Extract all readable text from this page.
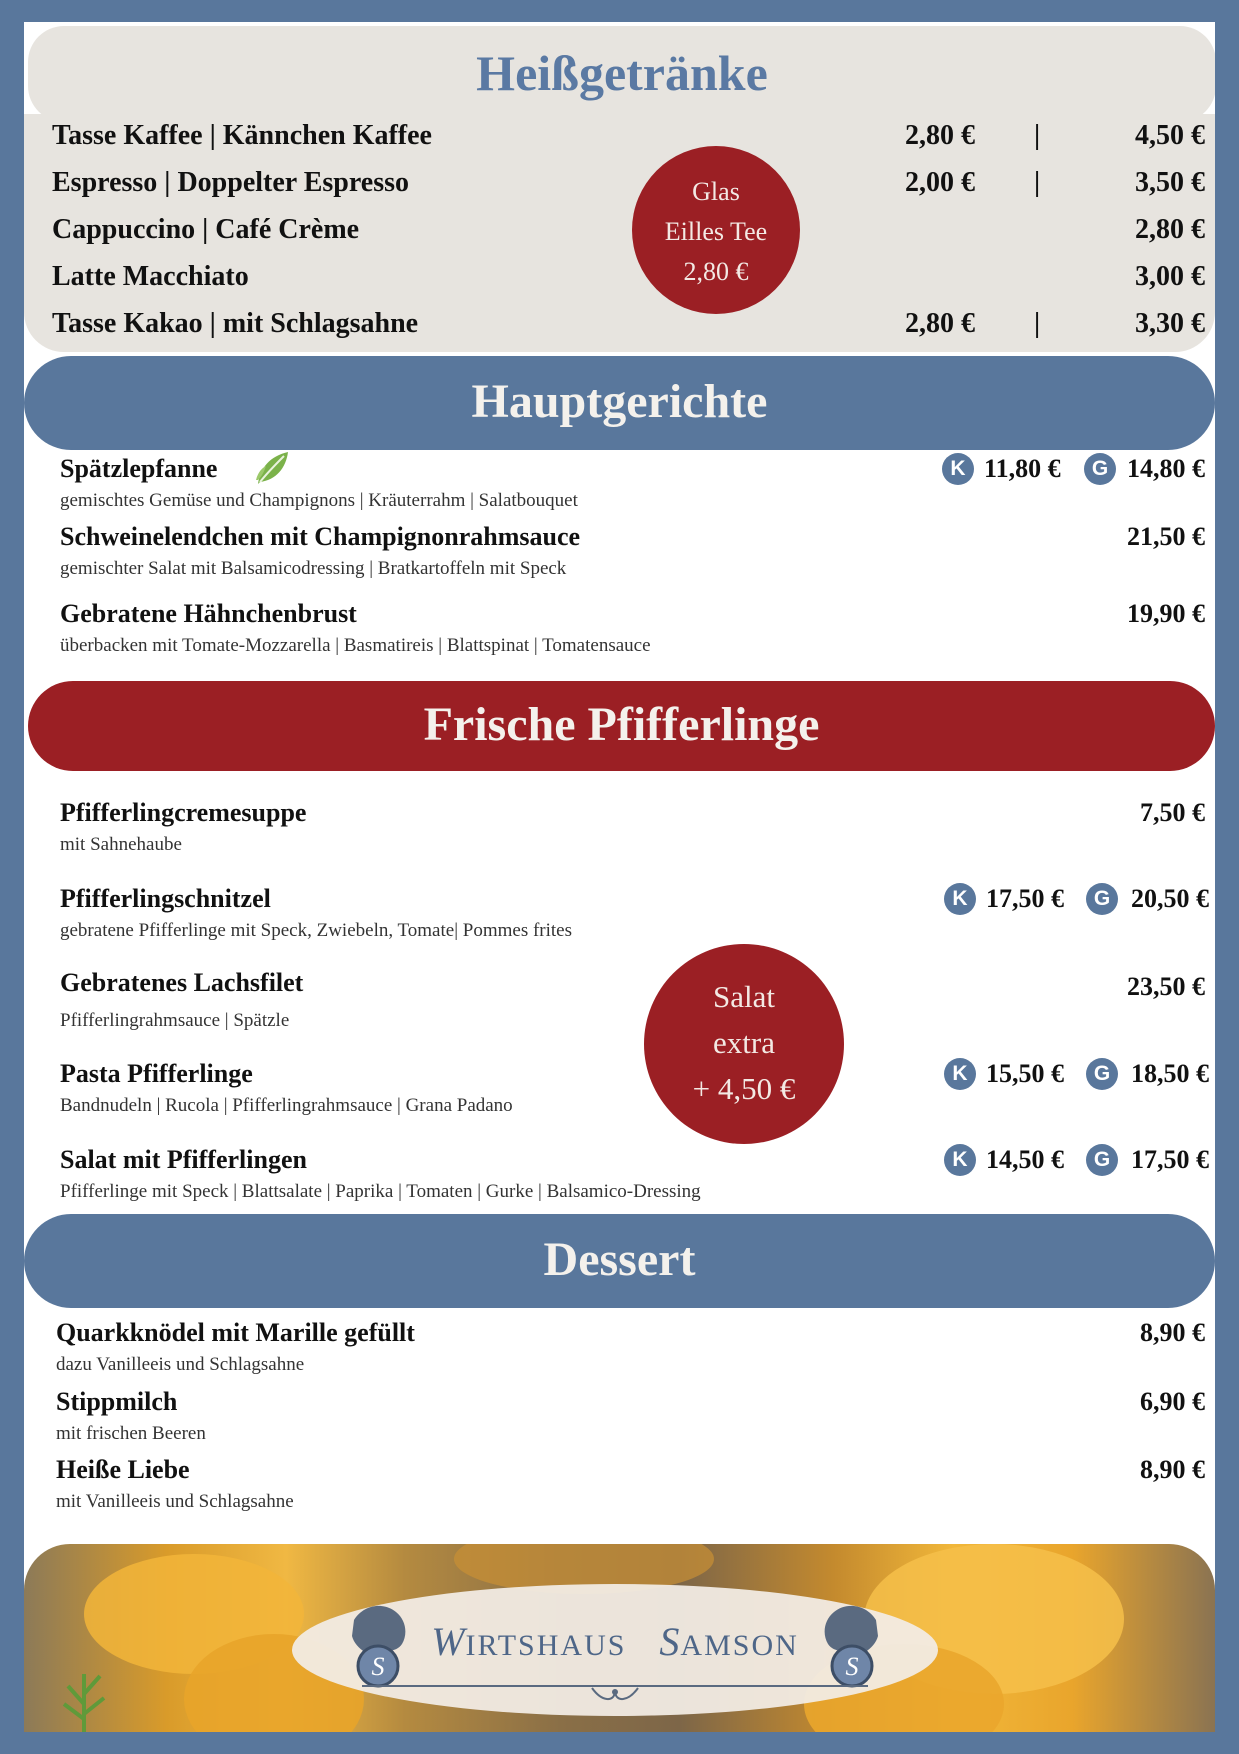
Heißgetränke
Tasse Kaffee | Kännchen Kaffee	2,80 € |	4,50 €
Espresso | Doppelter Espresso	2,00 € |	3,50 €
Cappuccino | Café Crème	2,80 €
Latte Macchiato	3,00 €
Tasse Kakao | mit Schlagsahne	2,80 € |	3,30 €
Glas
Eilles Tee
2,80 €
Hauptgerichte
Spätzlepfanne
gemischtes Gemüse und Champignons | Kräuterrahm | Salatbouquet
K 11,80 €	G 14,80 €
Schweinelendchen mit Champignonrahmsauce
gemischter Salat mit Balsamicodressing | Bratkartoffeln mit Speck
21,50 €
Gebratene Hähnchenbrust
überbacken mit Tomate-Mozzarella | Basmatireis | Blattspinat | Tomatensauce
19,90 €
Frische Pfifferlinge
Pfifferlingcremesuppe
mit Sahnehaube
7,50 €
Pfifferlingschnitzel
gebratene Pfifferlinge mit Speck, Zwiebeln, Tomate| Pommes frites
K 17,50 €	G 20,50 €
Gebratenes Lachsfilet
Pfifferlingrahmsauce | Spätzle
23,50 €
Pasta Pfifferlinge
Bandnudeln | Rucola | Pfifferlingrahmsauce | Grana Padano
K 15,50 €	G 18,50 €
Salat mit Pfifferlingen
Pfifferlinge mit Speck | Blattsalate | Paprika | Tomaten | Gurke | Balsamico-Dressing
K 14,50 €	G 17,50 €
Salat
extra
+ 4,50 €
Dessert
Quarkknödel mit Marille gefüllt
dazu Vanilleeis und Schlagsahne
8,90 €
Stippmilch
mit frischen Beeren
6,90 €
Heiße Liebe
mit Vanilleeis und Schlagsahne
8,90 €
S
WIRTSHAUS SAMSON
S
